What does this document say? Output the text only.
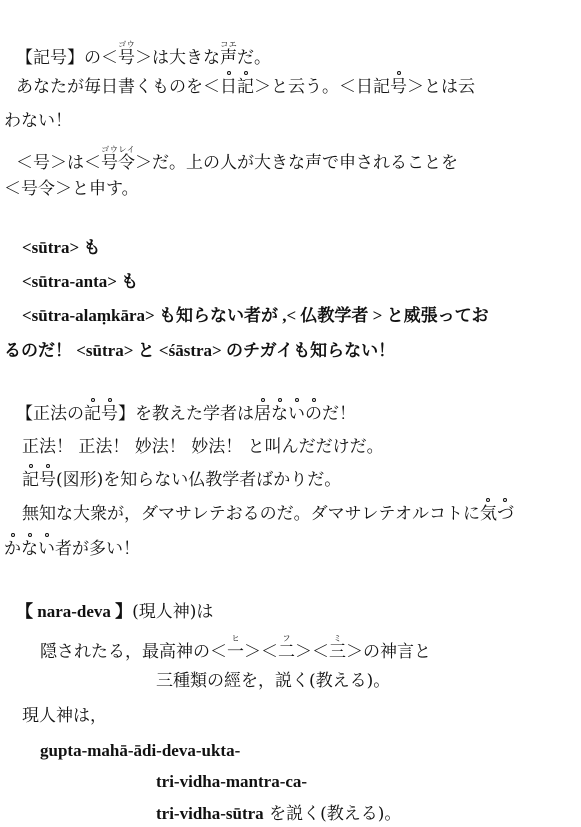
【記号】の＜号ゴウ＞は大きな声コエだ。
あなたが毎日書くものを＜日記＞と云う。＜日記号＞とは云
わない！
＜号＞は＜号令ゴウレイ＞だ。上の人が大きな声で申されることを
＜号令＞と申す。
<sūtra> も
<sūtra-anta> も
<sūtra-alaṃkāra> も知らない者が ,< 仏教学者 > と威張ってお
るのだ！ <sūtra> と <śāstra> のチガイも知らない！
【正法の記号】を教えた学者は居ないのだ！
正法！ 正法！ 妙法！ 妙法！ と叫んだだけだ。
記号(図形)を知らない仏教学者ばかりだ。
無知な大衆が，ダマサレテおるのだ。ダマサレテオルコトに気づ
かない者が多い！
【 nara-deva 】(現人神)は
隠されたる，最高神の＜一ヒ＞＜二フ＞＜三ミ＞の神言と
三種類の經を，説く(教える)。
現人神は，
gupta-mahā-ādi-deva-ukta-
tri-vidha-mantra-ca-
tri-vidha-sūtra を説く(教える)。
